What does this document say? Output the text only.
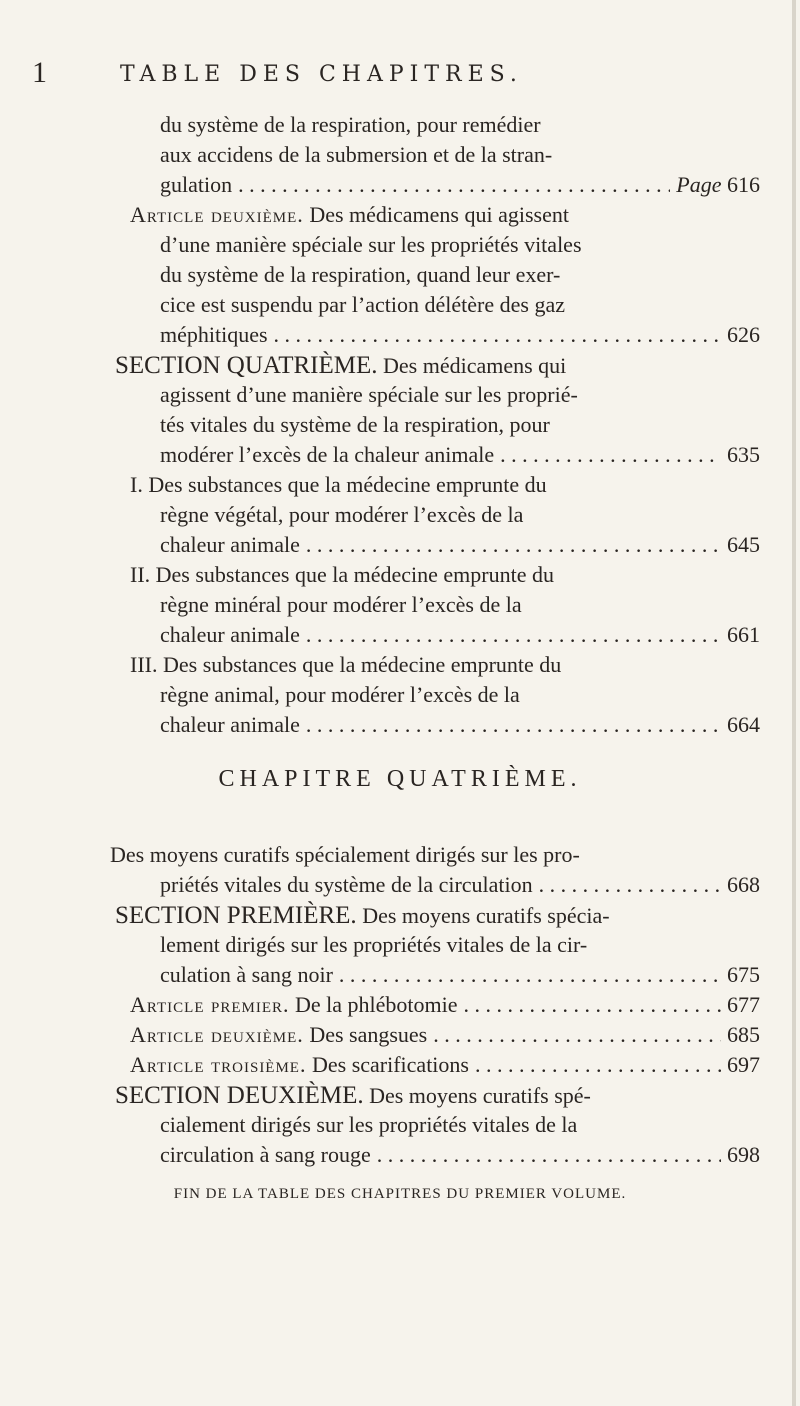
1	TABLE DES CHAPITRES.
du système de la respiration, pour remédier
aux accidens de la submersion et de la stran-
gulation . . .	Page 616
Article deuxième. Des médicamens qui agissent
d’une manière spéciale sur les propriétés vitales
du système de la respiration, quand leur exer-
cice est suspendu par l’action délétère des gaz
méphitiques . . .	626
SECTION QUATRIÈME. Des médicamens qui
agissent d’une manière spéciale sur les proprié-
tés vitales du système de la respiration, pour
modérer l’excès de la chaleur animale . . .	635
I. Des substances que la médecine emprunte du
règne végétal, pour modérer l’excès de la
chaleur animale . . .	645
II. Des substances que la médecine emprunte du
règne minéral pour modérer l’excès de la
chaleur animale . . .	661
III. Des substances que la médecine emprunte du
règne animal, pour modérer l’excès de la
chaleur animale . . .	664
CHAPITRE QUATRIÈME.
Des moyens curatifs spécialement dirigés sur les pro-
priétés vitales du système de la circulation . . .	668
SECTION PREMIÈRE. Des moyens curatifs spécia-
lement dirigés sur les propriétés vitales de la cir-
culation à sang noir . . .	675
Article premier. De la phlébotomie . . .	677
Article deuxième. Des sangsues . . .	685
Article troisième. Des scarifications . . .	697
SECTION DEUXIÈME. Des moyens curatifs spé-
cialement dirigés sur les propriétés vitales de la
circulation à sang rouge . . .	698
FIN DE LA TABLE DES CHAPITRES DU PREMIER VOLUME.
